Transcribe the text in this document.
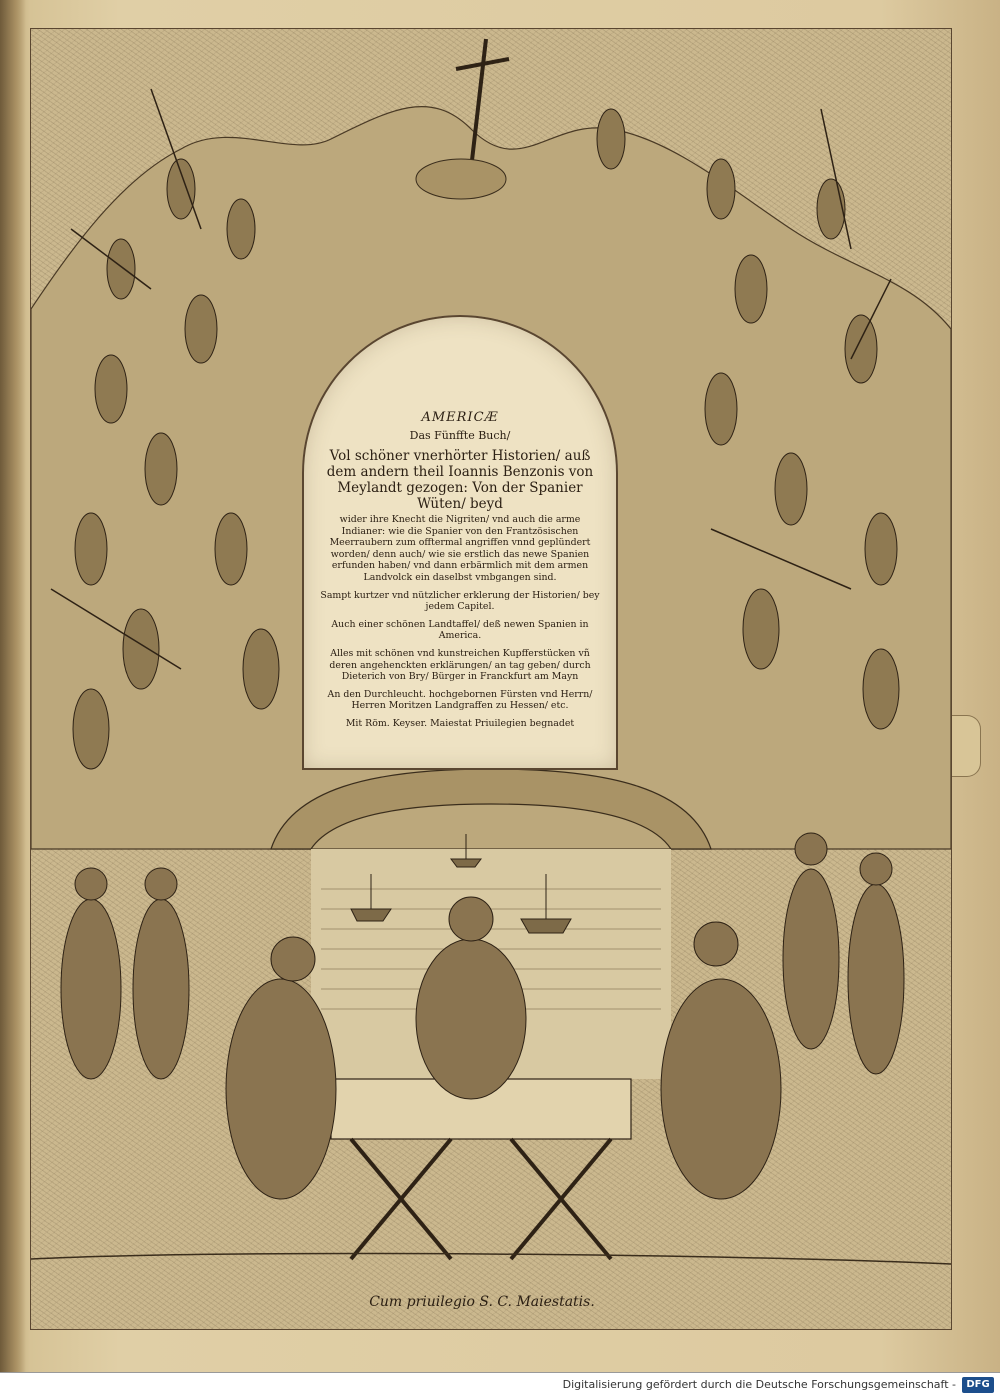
AMERICÆ
Das Fünffte Buch/
Vol schöner vnerhörter Historien/ auß dem andern theil Ioannis Benzonis von Meylandt gezogen: Von der Spanier Wüten/ beyd
wider ihre Knecht die Nigriten/ vnd auch die arme Indianer: wie die Spanier von den Frantzösischen Meerraubern zum offtermal angriffen vnnd geplündert worden/ denn auch/ wie sie erstlich das newe Spanien erfunden haben/ vnd dann erbärmlich mit dem armen Landvolck ein daselbst vmbgangen sind.
Sampt kurtzer vnd nützlicher erklerung der Historien/ bey jedem Capitel.
Auch einer schönen Landtaffel/ deß newen Spanien in America.
Alles mit schönen vnd kunstreichen Kupfferstücken vñ deren angehenckten erklärungen/ an tag geben/ durch Dieterich von Bry/ Bürger in Franckfurt am Mayn
An den Durchleucht. hochgebornen Fürsten vnd Herrn/ Herren Moritzen Landgraffen zu Hessen/ etc.
Mit Röm. Keyser. Maiestat Priuilegien begnadet
Cum priuilegio S. C. Maiestatis.
Digitalisierung gefördert durch die Deutsche Forschungsgemeinschaft -	DFG
